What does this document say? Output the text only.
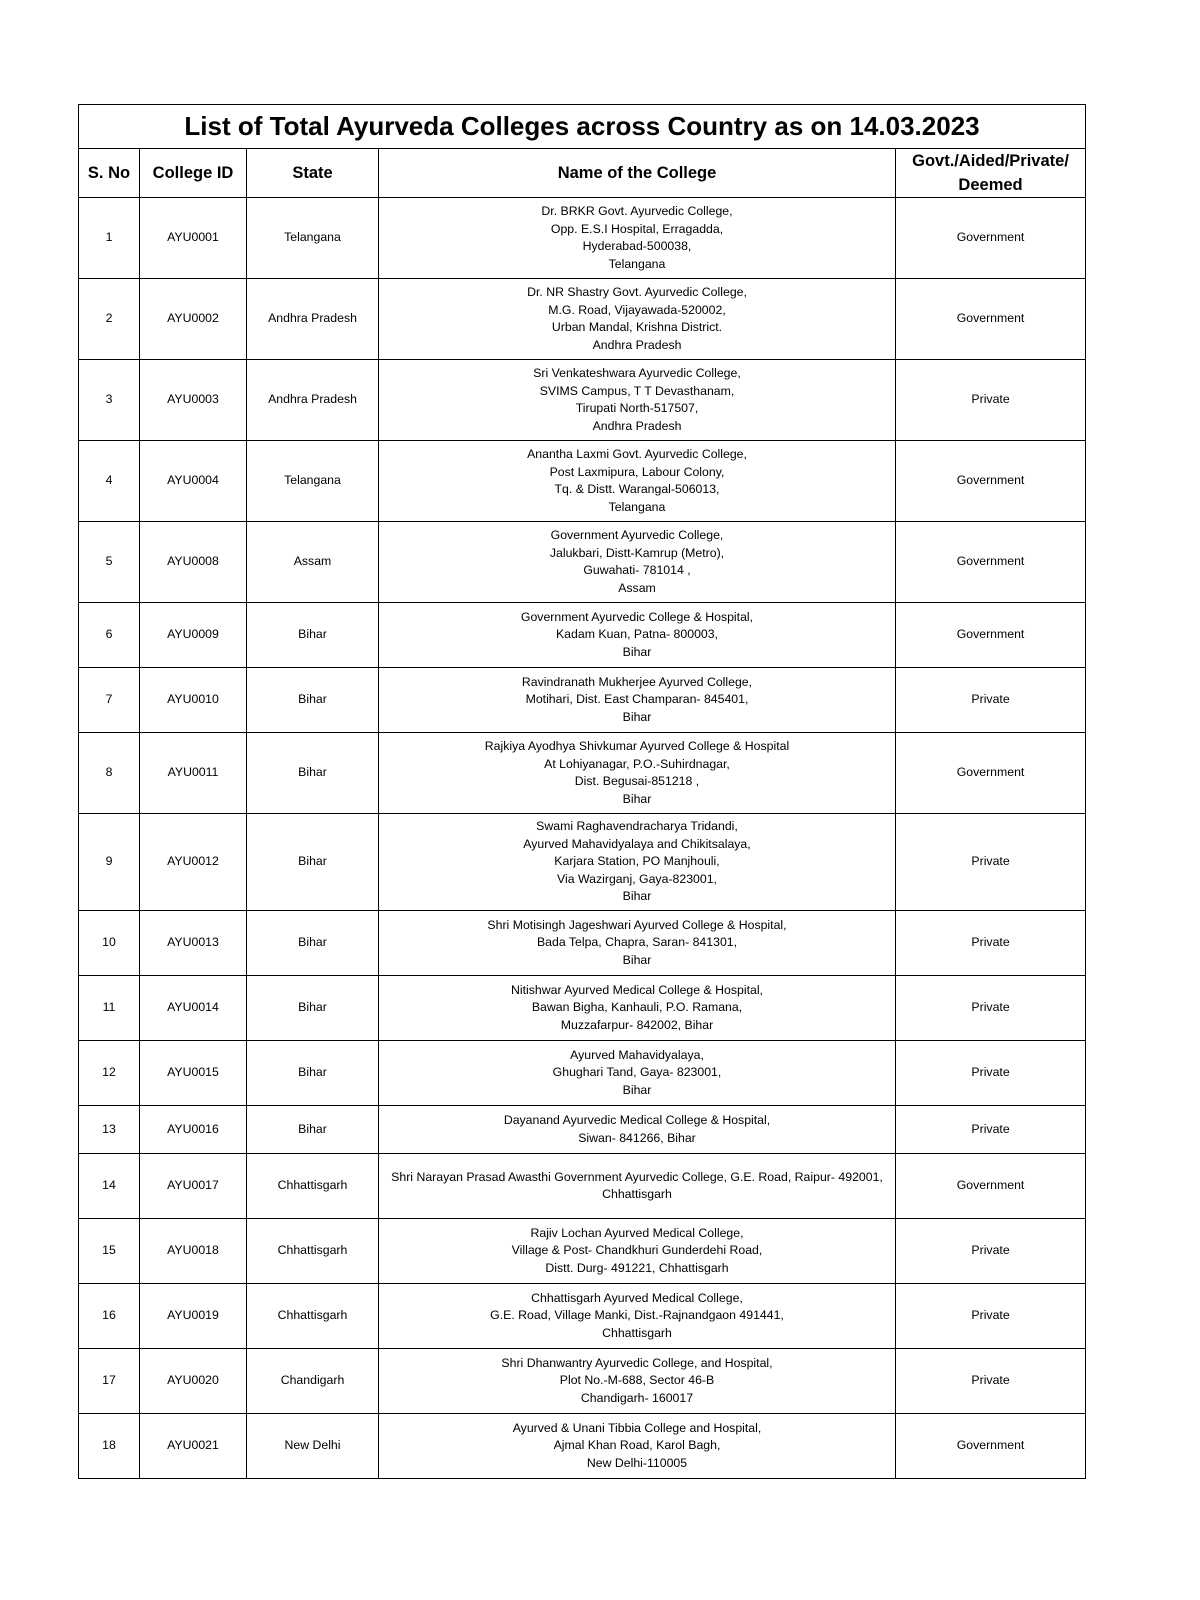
List of Total Ayurveda Colleges across Country as on 14.03.2023				
S. No	College ID	State	Name of the College	Govt./Aided/Private/
Deemed

1	AYU0001	Telangana	Dr. BRKR Govt. Ayurvedic College,
Opp. E.S.I Hospital, Erragadda,
Hyderabad-500038,
Telangana	Government
2	AYU0002	Andhra Pradesh	Dr. NR Shastry Govt. Ayurvedic College,
M.G. Road, Vijayawada-520002,
Urban Mandal, Krishna District.
Andhra Pradesh	Government
3	AYU0003	Andhra Pradesh	Sri Venkateshwara Ayurvedic College,
SVIMS Campus, T T Devasthanam,
Tirupati North-517507,
Andhra Pradesh	Private
4	AYU0004	Telangana	Anantha Laxmi Govt. Ayurvedic College,
Post Laxmipura, Labour Colony,
Tq. & Distt. Warangal-506013,
Telangana	Government
5	AYU0008	Assam	Government Ayurvedic College,
Jalukbari, Distt-Kamrup (Metro),
Guwahati- 781014 ,
Assam	Government
6	AYU0009	Bihar	Government Ayurvedic College & Hospital,
Kadam Kuan, Patna- 800003,
Bihar	Government
7	AYU0010	Bihar	Ravindranath Mukherjee Ayurved College,
Motihari, Dist. East Champaran- 845401,
Bihar	Private
8	AYU0011	Bihar	Rajkiya Ayodhya Shivkumar Ayurved College & Hospital
At Lohiyanagar, P.O.-Suhirdnagar,
Dist. Begusai-851218 ,
Bihar	Government
9	AYU0012	Bihar	Swami Raghavendracharya Tridandi,
Ayurved Mahavidyalaya and Chikitsalaya,
Karjara Station, PO Manjhouli,
Via Wazirganj, Gaya-823001,
Bihar	Private
10	AYU0013	Bihar	Shri Motisingh Jageshwari Ayurved College & Hospital,
Bada Telpa, Chapra, Saran- 841301,
Bihar	Private
11	AYU0014	Bihar	Nitishwar Ayurved Medical College & Hospital,
Bawan Bigha, Kanhauli, P.O. Ramana,
Muzzafarpur- 842002, Bihar	Private
12	AYU0015	Bihar	Ayurved Mahavidyalaya,
Ghughari Tand, Gaya- 823001,
Bihar	Private
13	AYU0016	Bihar	Dayanand Ayurvedic Medical College & Hospital,
Siwan- 841266, Bihar	Private
14	AYU0017	Chhattisgarh	Shri Narayan Prasad Awasthi Government Ayurvedic College, G.E. Road, Raipur- 492001,
Chhattisgarh	Government
15	AYU0018	Chhattisgarh	Rajiv Lochan Ayurved Medical College,
Village & Post- Chandkhuri Gunderdehi Road,
Distt. Durg- 491221, Chhattisgarh	Private
16	AYU0019	Chhattisgarh	Chhattisgarh Ayurved Medical College,
G.E. Road, Village Manki, Dist.-Rajnandgaon 491441,
Chhattisgarh	Private
17	AYU0020	Chandigarh	Shri Dhanwantry Ayurvedic College, and Hospital,
Plot No.-M-688, Sector 46-B
Chandigarh- 160017	Private
18	AYU0021	New Delhi	Ayurved & Unani Tibbia College and Hospital,
Ajmal Khan Road, Karol Bagh,
New Delhi-110005	Government
